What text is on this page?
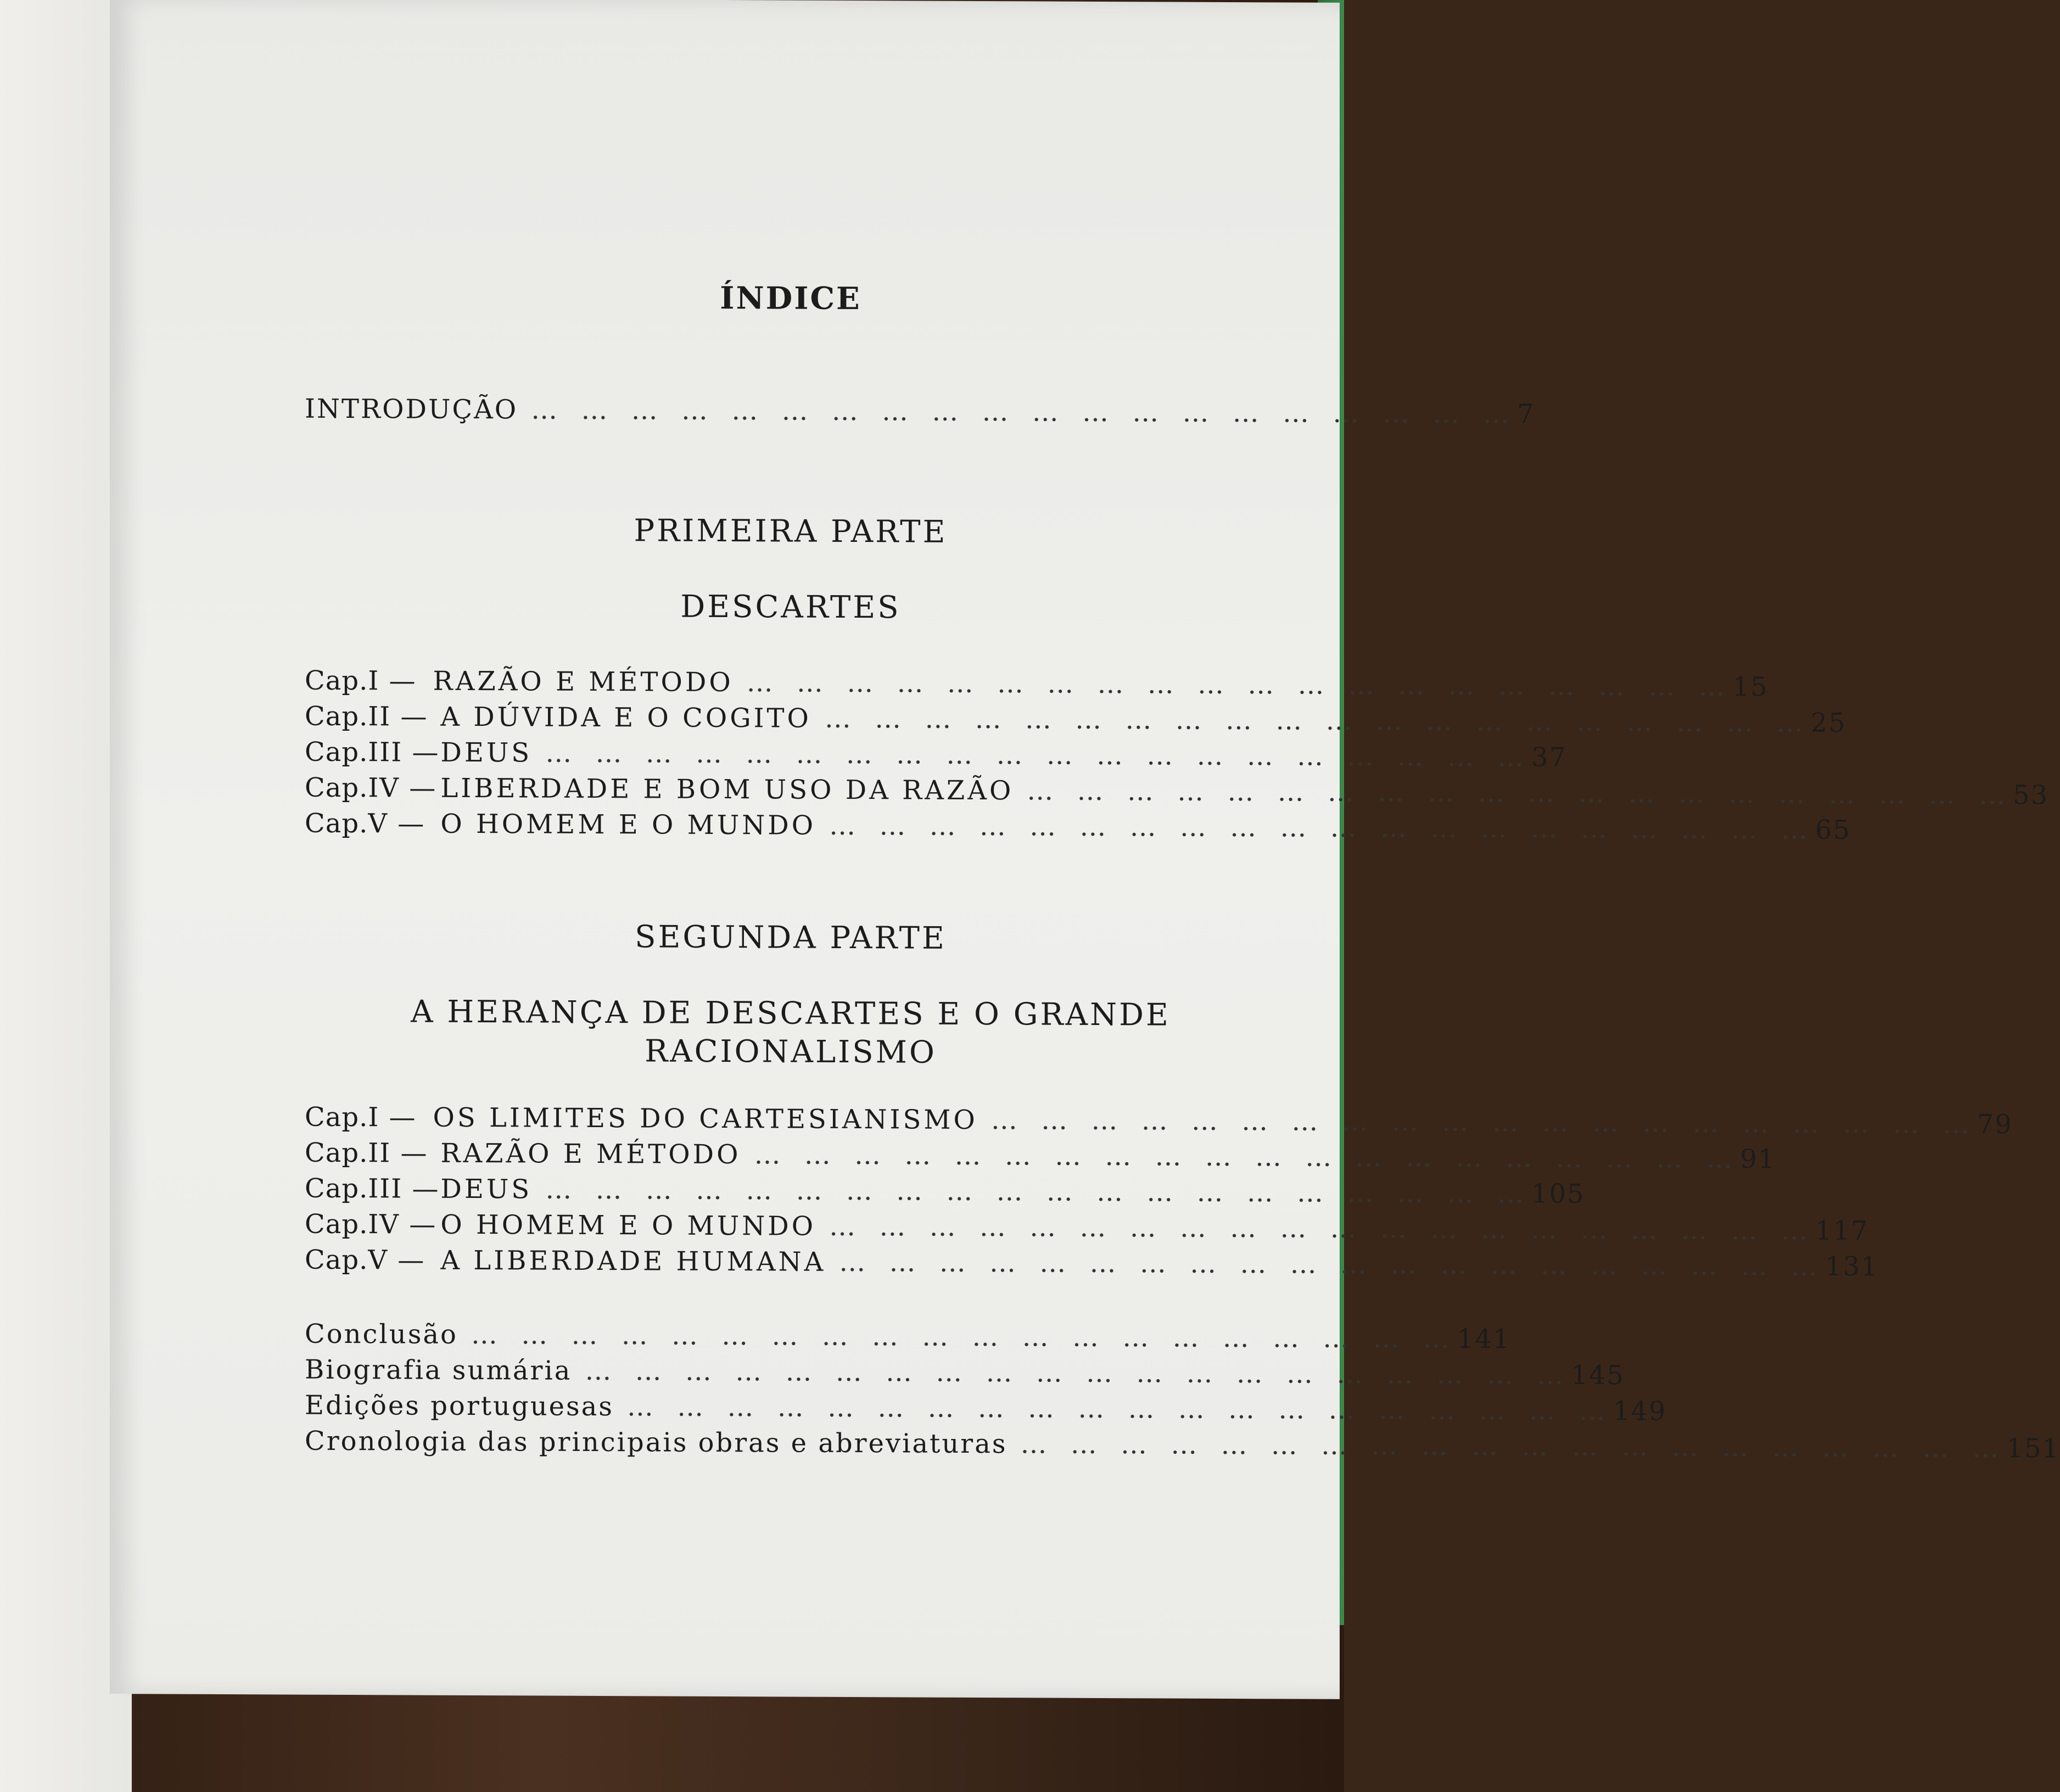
ÍNDICE
INTRODUÇÃO … … … … … … … … … … … … … … … … … … … … 7
PRIMEIRA PARTE
DESCARTES
Cap. I — RAZÃO E MÉTODO … … … … … … … … … … … … … … … … … … … … 15
Cap. II — A DÚVIDA E O COGITO … … … … … … … … … … … … … … … … … … … … 25
Cap. III — DEUS … … … … … … … … … … … … … … … … … … … … 37
Cap. IV — LIBERDADE E BOM USO DA RAZÃO … … … … … … … … … … … … … … … … … … … … 53
Cap. V — O HOMEM E O MUNDO … … … … … … … … … … … … … … … … … … … … 65
SEGUNDA PARTE
A HERANÇA DE DESCARTES E O GRANDE
RACIONALISMO
Cap. I — OS LIMITES DO CARTESIANISMO … … … … … … … … … … … … … … … … … … … … 79
Cap. II — RAZÃO E MÉTODO … … … … … … … … … … … … … … … … … … … … 91
Cap. III — DEUS … … … … … … … … … … … … … … … … … … … … 105
Cap. IV — O HOMEM E O MUNDO … … … … … … … … … … … … … … … … … … … … 117
Cap. V — A LIBERDADE HUMANA … … … … … … … … … … … … … … … … … … … … 131
Conclusão … … … … … … … … … … … … … … … … … … … … 141
Biografia sumária … … … … … … … … … … … … … … … … … … … … 145
Edições portuguesas … … … … … … … … … … … … … … … … … … … … 149
Cronologia das principais obras e abreviaturas … … … … … … … … … … … … … … … … … … … … 151
